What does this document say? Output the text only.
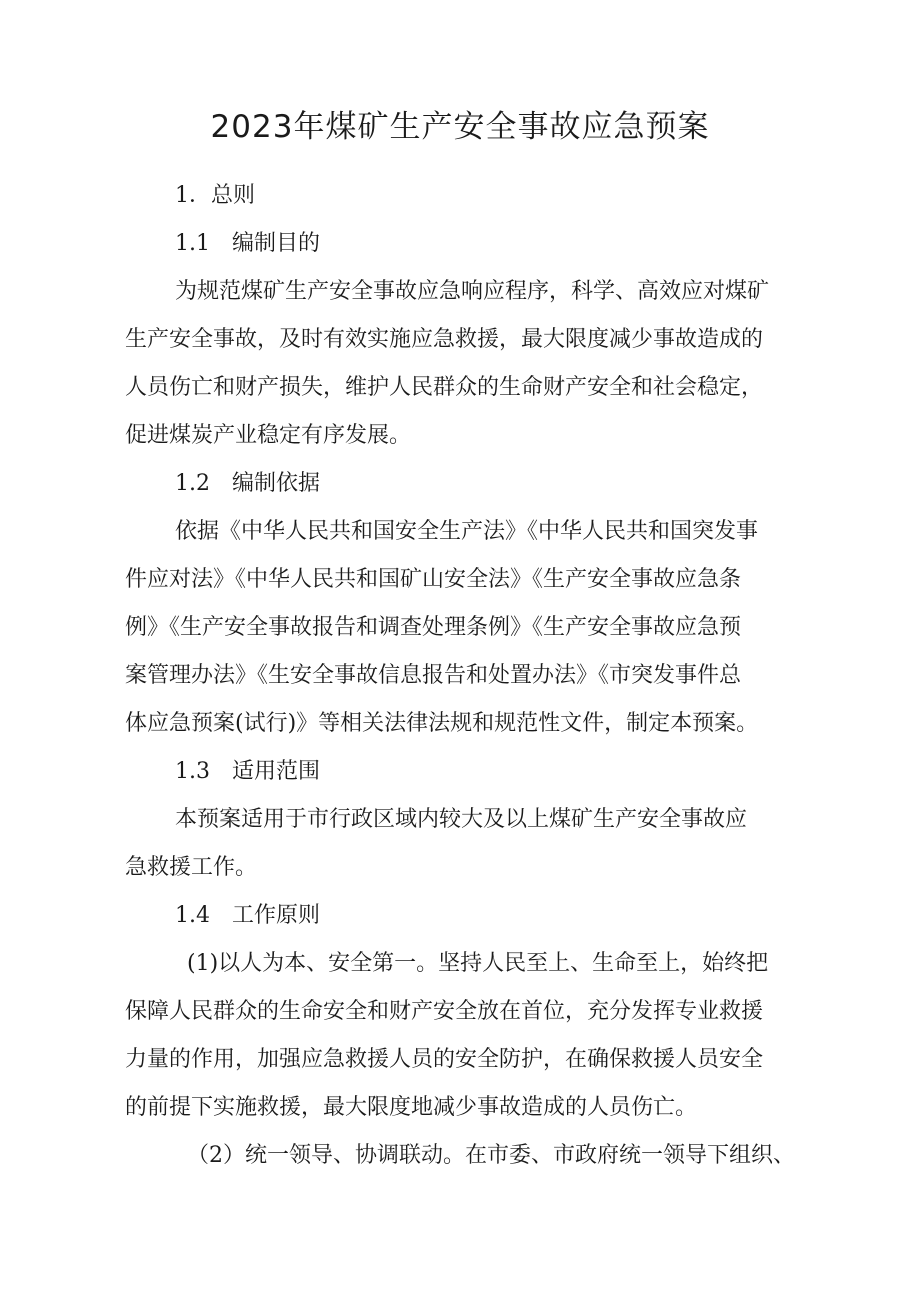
2023年煤矿生产安全事故应急预案
1．总则
1.1　编制目的
为规范煤矿生产安全事故应急响应程序，科学、高效应对煤矿
生产安全事故，及时有效实施应急救援，最大限度减少事故造成的
人员伤亡和财产损失，维护人民群众的生命财产安全和社会稳定，
促进煤炭产业稳定有序发展。
1.2　编制依据
依据《中华人民共和国安全生产法》《中华人民共和国突发事
件应对法》《中华人民共和国矿山安全法》《生产安全事故应急条
例》《生产安全事故报告和调查处理条例》《生产安全事故应急预
案管理办法》《生安全事故信息报告和处置办法》《市突发事件总
体应急预案(试行)》等相关法律法规和规范性文件，制定本预案。
1.3　适用范围
本预案适用于市行政区域内较大及以上煤矿生产安全事故应
急救援工作。
1.4　工作原则
(1)以人为本、安全第一。坚持人民至上、生命至上，始终把
保障人民群众的生命安全和财产安全放在首位，充分发挥专业救援
力量的作用，加强应急救援人员的安全防护，在确保救援人员安全
的前提下实施救援，最大限度地减少事故造成的人员伤亡。
（2）统一领导、协调联动。在市委、市政府统一领导下组织、
